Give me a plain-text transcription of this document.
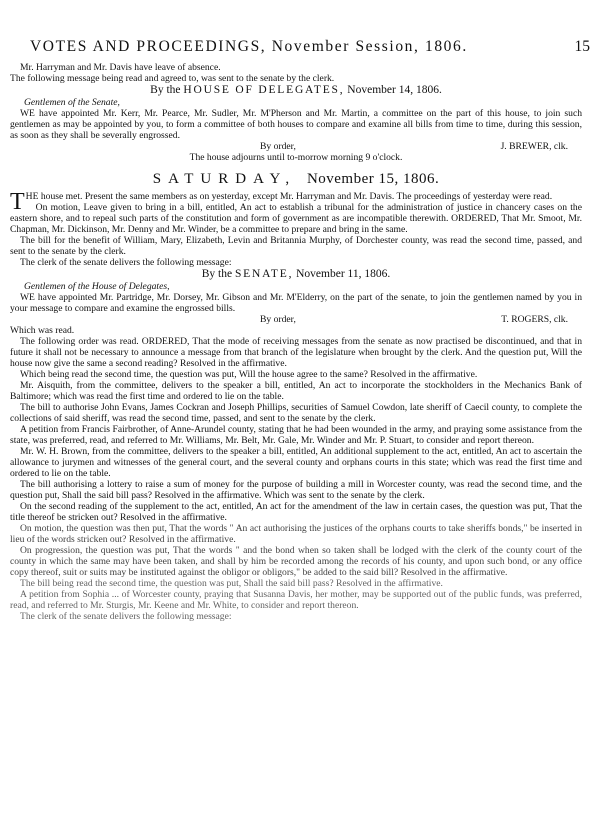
VOTES AND PROCEEDINGS, November Session, 1806.	15

Mr. Harryman and Mr. Davis have leave of absence.

The following message being read and agreed to, was sent to the senate by the clerk.

By the HOUSE OF DELEGATES, November 14, 1806.

Gentlemen of the Senate,

WE have appointed Mr. Kerr, Mr. Pearce, Mr. Sudler, Mr. M'Pherson and Mr. Martin, a committee on the part of this house, to join such gentlemen as may be appointed by you, to form a committee of both houses to compare and examine all bills from time to time, during this session, as soon as they shall be severally engrossed.

By order,	J. BREWER, clk.

The house adjourns until to-morrow morning 9 o'clock.

SATURDAY, November 15, 1806.

THE house met. Present the same members as on yesterday, except Mr. Harryman and Mr. Davis. The proceedings of yesterday were read.

On motion, Leave given to bring in a bill, entitled, An act to establish a tribunal for the administration of justice in chancery cases on the eastern shore, and to repeal such parts of the constitution and form of government as are incompatible therewith. ORDERED, That Mr. Smoot, Mr. Chapman, Mr. Dickinson, Mr. Denny and Mr. Winder, be a committee to prepare and bring in the same.

The bill for the benefit of William, Mary, Elizabeth, Levin and Britannia Murphy, of Dorchester county, was read the second time, passed, and sent to the senate by the clerk.

The clerk of the senate delivers the following message:

By the SENATE, November 11, 1806.

Gentlemen of the House of Delegates,

WE have appointed Mr. Partridge, Mr. Dorsey, Mr. Gibson and Mr. M'Elderry, on the part of the senate, to join the gentlemen named by you in your message to compare and examine the engrossed bills.

By order,	T. ROGERS, clk.

Which was read.

The following order was read. ORDERED, That the mode of receiving messages from the senate as now practised be discontinued, and that in future it shall not be necessary to announce a message from that branch of the legislature when brought by the clerk. And the question put, Will the house now give the same a second reading? Resolved in the affirmative.

Which being read the second time, the question was put, Will the house agree to the same? Resolved in the affirmative.

Mr. Aisquith, from the committee, delivers to the speaker a bill, entitled, An act to incorporate the stockholders in the Mechanics Bank of Baltimore; which was read the first time and ordered to lie on the table.

The bill to authorise John Evans, James Cockran and Joseph Phillips, securities of Samuel Cowdon, late sheriff of Caecil county, to complete the collections of said sheriff, was read the second time, passed, and sent to the senate by the clerk.

A petition from Francis Fairbrother, of Anne-Arundel county, stating that he had been wounded in the army, and praying some assistance from the state, was preferred, read, and referred to Mr. Williams, Mr. Belt, Mr. Gale, Mr. Winder and Mr. P. Stuart, to consider and report thereon.

Mr. W. H. Brown, from the committee, delivers to the speaker a bill, entitled, An additional supplement to the act, entitled, An act to ascertain the allowance to jurymen and witnesses of the general court, and the several county and orphans courts in this state; which was read the first time and ordered to lie on the table.

The bill authorising a lottery to raise a sum of money for the purpose of building a mill in Worcester county, was read the second time, and the question put, Shall the said bill pass? Resolved in the affirmative. Which was sent to the senate by the clerk.

On the second reading of the supplement to the act, entitled, An act for the amendment of the law in certain cases, the question was put, That the title thereof be stricken out? Resolved in the affirmative.

On motion, the question was then put, That the words " An act authorising the justices of the orphans courts to take sheriffs bonds," be inserted in lieu of the words stricken out? Resolved in the affirmative.

On progression, the question was put, That the words " and the bond when so taken shall be lodged with the clerk of the county court of the county in which the same may have been taken, and shall by him be recorded among the records of his county, and upon such bond, or any office copy thereof, suit or suits may be instituted against the obligor or obligors," be added to the said bill? Resolved in the affirmative.

The bill being read the second time, the question was put, Shall the said bill pass? Resolved in the affirmative.

A petition from Sophia ... of Worcester county, praying that Susanna Davis, her mother, may be supported out of the public funds, was preferred, read, and referred to Mr. Sturgis, Mr. Keene and Mr. White, to consider and report thereon.

The clerk of the senate delivers the following message:
